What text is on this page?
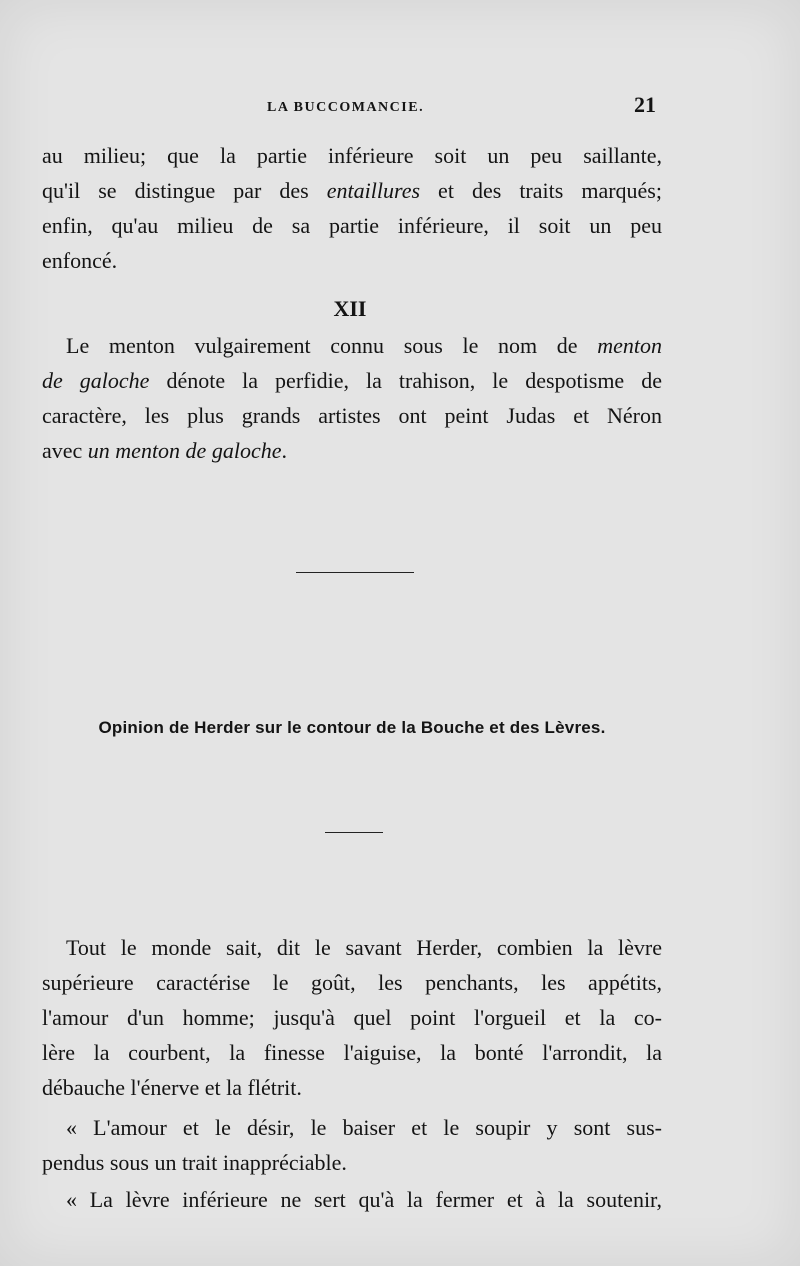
LA BUCCOMANCIE.	21
au milieu; que la partie inférieure soit un peu saillante,
qu'il se distingue par des entaillures et des traits marqués;
enfin, qu'au milieu de sa partie inférieure, il soit un peu
enfoncé.
XII
Le menton vulgairement connu sous le nom de menton
de galoche dénote la perfidie, la trahison, le despotisme de
caractère, les plus grands artistes ont peint Judas et Néron
avec un menton de galoche.
Opinion de Herder sur le contour de la Bouche et des Lèvres.
Tout le monde sait, dit le savant Herder, combien la lèvre
supérieure caractérise le goût, les penchants, les appétits,
l'amour d'un homme; jusqu'à quel point l'orgueil et la co-
lère la courbent, la finesse l'aiguise, la bonté l'arrondit, la
débauche l'énerve et la flétrit.
« L'amour et le désir, le baiser et le soupir y sont sus-
pendus sous un trait inappréciable.
« La lèvre inférieure ne sert qu'à la fermer et à la soutenir,
